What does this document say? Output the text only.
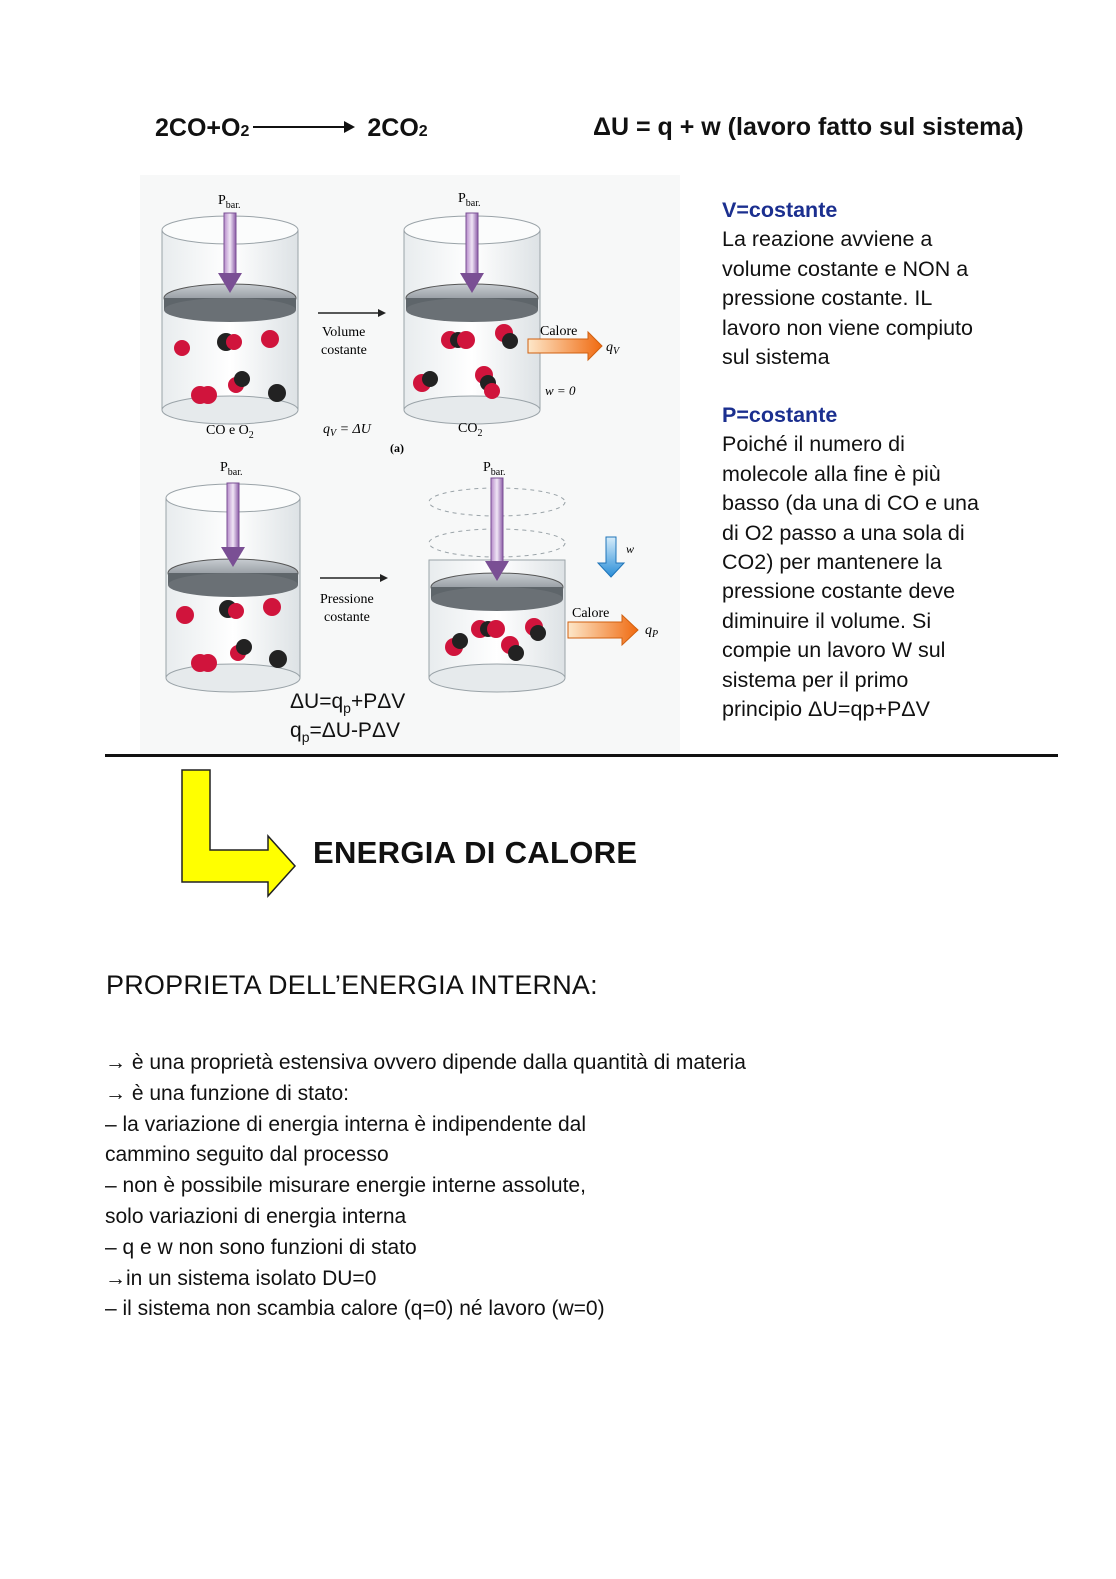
2CO+O 2 → 2CO 2	ΔU = q + w (lavoro fatto sul sistema)
$P_{bar.}$
Volume
costante
$P_{bar.}$
Calore
$q_V$
w = 0
CO e $O_2$	$q_V = \Delta U$
(a)
$CO_2$
$P_{bar.}$
Pressione
costante
$P_{bar.}$
w
Calore
$q_P$
$\Delta U=q_p+P\Delta V$
$q_p=\Delta U$-PΔV
V=costante

La reazione avviene a

volume costante e NON a

pressione costante. IL

lavoro non viene compiuto

sul sistema

P=costante

Poiché il numero di

molecole alla fine è più

basso (da una di CO e una

di O2 passo a una sola di

CO2) per mantenere la

pressione costante deve

diminuire il volume. Si

compie un lavoro W sul

sistema per il primo

principio ΔU=qp+PΔV

ENERGIA DI CALORE
PROPRIETA DELL’ENERGIA INTERNA:
→ è una proprietà estensiva ovvero dipende dalla quantità di materia
→ è una funzione di stato:
– la variazione di energia interna è indipendente dal
cammino seguito dal processo
– non è possibile misurare energie interne assolute,
solo variazioni di energia interna
– q e w non sono funzioni di stato
→in un sistema isolato DU=0
– il sistema non scambia calore (q=0) né lavoro (w=0)
